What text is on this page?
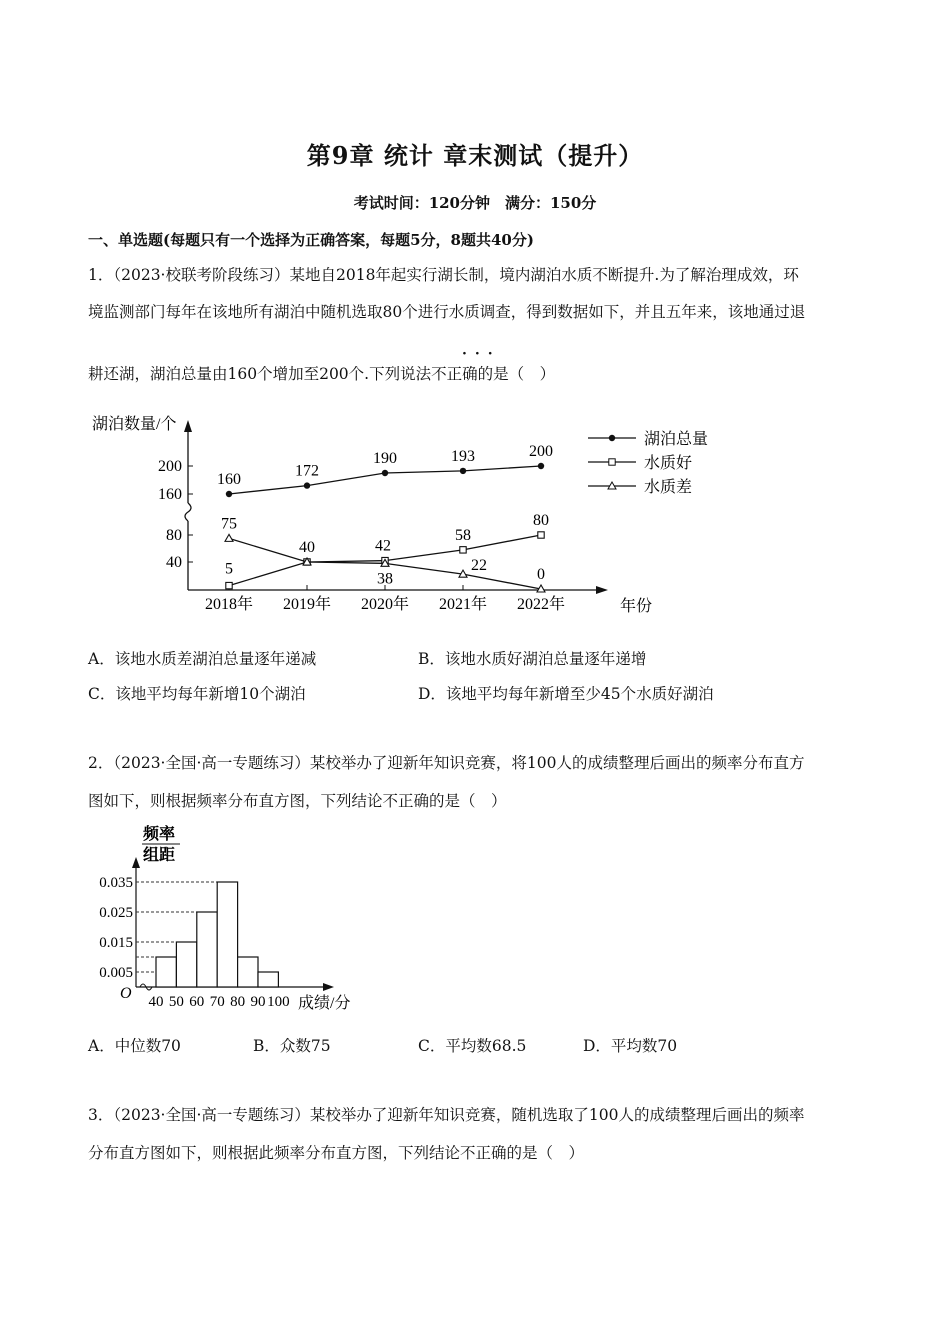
第9章 统计 章末测试（提升）
考试时间：120分钟　满分：150分
一、单选题(每题只有一个选择为正确答案，每题5分，8题共40分)
1．（2023·校联考阶段练习）某地自2018年起实行湖长制，境内湖泊水质不断提升.为了解治理成效，环
境监测部门每年在该地所有湖泊中随机选取80个进行水质调查，得到数据如下，并且五年来，该地通过退
···
耕还湖，湖泊总量由160个增加至200个.下列说法不正确的是（　）
湖泊数量/个
年份
200
160
80
40
2018年 2019年 2020年 2021年 2022年
160	172
190	193	200
5
40	42
58
80
75
38
22
0
湖泊总量
水质好
水质差
A．该地水质差湖泊总量逐年递减	B．该地水质好湖泊总量逐年递增
C．该地平均每年新增10个湖泊	D．该地平均每年新增至少45个水质好湖泊
2．（2023·全国·高一专题练习）某校举办了迎新年知识竞赛，将100人的成绩整理后画出的频率分布直方
图如下，则根据频率分布直方图，下列结论不正确的是（　）
频率
组距
O
成绩/分
0.005
0.015
0.025
0.035
40 50 60 70 80 90 100
A．中位数70	B．众数75	C．平均数68.5	D．平均数70
3．（2023·全国·高一专题练习）某校举办了迎新年知识竞赛，随机选取了100人的成绩整理后画出的频率
分布直方图如下，则根据此频率分布直方图，下列结论不正确的是（　）
